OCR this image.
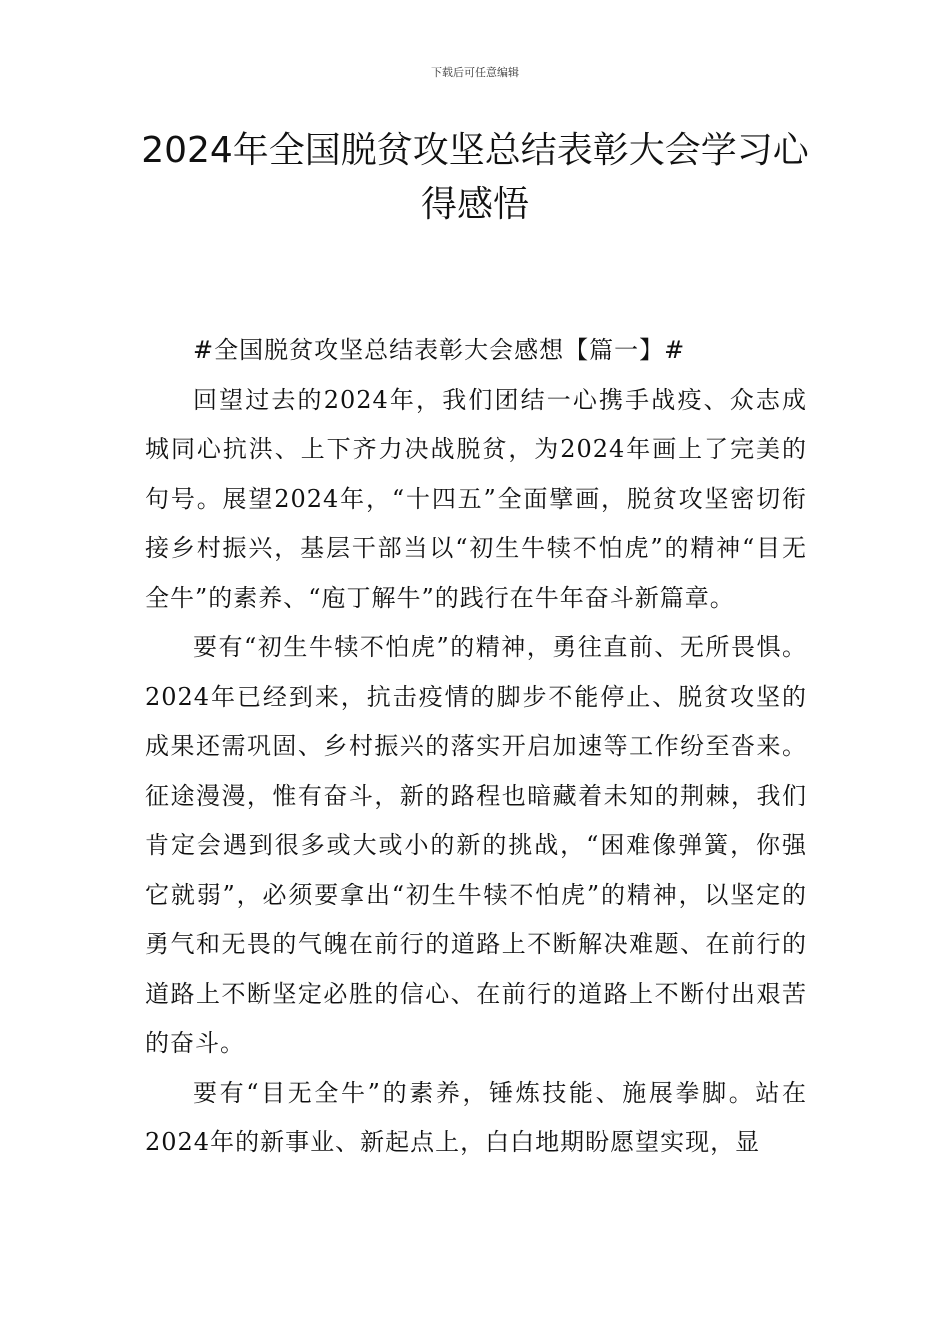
下载后可任意编辑
2024年全国脱贫攻坚总结表彰大会学习心得感悟

#全国脱贫攻坚总结表彰大会感想【篇一】#

回望过去的2024年，我们团结一心携手战疫、众志成城同心抗洪、上下齐力决战脱贫，为2024年画上了完美的句号。展望2024年，“十四五”全面擘画，脱贫攻坚密切衔接乡村振兴，基层干部当以“初生牛犊不怕虎”的精神“目无全牛”的素养、“庖丁解牛”的践行在牛年奋斗新篇章。

要有“初生牛犊不怕虎”的精神，勇往直前、无所畏惧。2024年已经到来，抗击疫情的脚步不能停止、脱贫攻坚的成果还需巩固、乡村振兴的落实开启加速等工作纷至沓来。征途漫漫，惟有奋斗，新的路程也暗藏着未知的荆棘，我们肯定会遇到很多或大或小的新的挑战，“困难像弹簧，你强它就弱”，必须要拿出“初生牛犊不怕虎”的精神，以坚定的勇气和无畏的气魄在前行的道路上不断解决难题、在前行的道路上不断坚定必胜的信心、在前行的道路上不断付出艰苦的奋斗。

要有“目无全牛”的素养，锤炼技能、施展拳脚。站在2024年的新事业、新起点上，白白地期盼愿望实现，显
